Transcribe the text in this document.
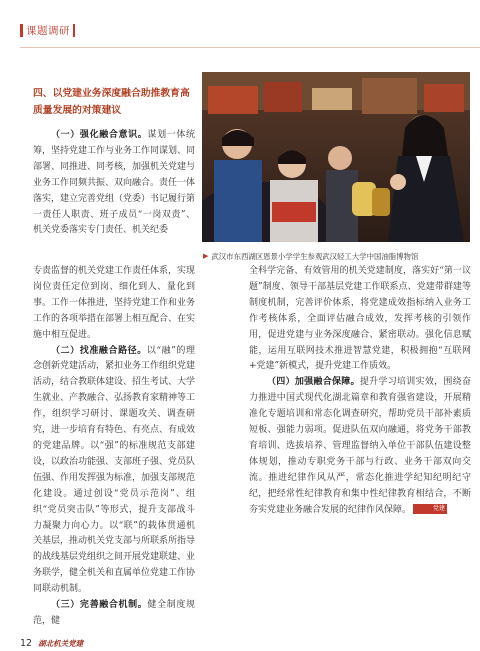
课题调研
四、以党建业务深度融合助推教育高质量发展的对策建议

（一）强化融合意识。谋划一体统筹，坚持党建工作与业务工作同谋划、同部署、同推进、同考核，加强机关党建与业务工作同频共振、双向融合。责任一体落实，建立完善党组（党委）书记履行第一责任人职责、班子成员“一岗双责”、机关党委落实专门责任、机关纪委

▶ 武汉市东西湖区恩景小学学生参观武汉轻工大学中国油脂博物馆

专责监督的机关党建工作责任体系，实现岗位责任定位到岗、细化到人、量化到事。工作一体推进，坚持党建工作和业务工作的各项举措在部署上相互配合、在实施中相互促进。

（二）找准融合路径。以“融”的理念创新党建活动，紧扣业务工作组织党建活动，结合教联体建设、招生考试、大学生就业、产教融合、弘扬教育家精神等工作，组织学习研讨、课题攻关、调查研究，进一步培育有特色、有亮点、有成效的党建品牌。以“强”的标准规范支部建设，以政治功能强、支部班子强、党员队伍强、作用发挥强为标准，加强支部规范化建设。通过创设“党员示范岗”、组织“党员突击队”等形式，提升支部战斗力凝聚力向心力。以“联”的载体贯通机关基层，推动机关党支部与所联系所指导的战线基层党组织之间开展党建联建、业务联学，健全机关和直属单位党建工作协同联动机制。

（三）完善融合机制。健全制度规范，健

全科学完备、有效管用的机关党建制度，落实好“第一议题”制度、领导干部基层党建工作联系点、党建带群建等制度机制，完善评价体系，将党建成效指标纳入业务工作考核体系，全面评估融合成效，发挥考核的引领作用，促进党建与业务深度融合、紧密联动。强化信息赋能，运用互联网技术推进智慧党建，积极拥抱“互联网+党建”新模式，提升党建工作质效。

（四）加强融合保障。提升学习培训实效，围绕奋力推进中国式现代化湖北篇章和教育强省建设，开展精准化专题培训和常态化调查研究，帮助党员干部补素质短板、强能力弱项。促进队伍双向融通，将党务干部教育培训、选拔培养、管理监督纳入单位干部队伍建设整体规划，推动专职党务干部与行政、业务干部双向交流。推进纪律作风从严，常态化推进学纪知纪明纪守纪，把经常性纪律教育和集中性纪律教育相结合，不断夯实党建业务融合发展的纪律作风保障。	党建

12 湖北机关党建
